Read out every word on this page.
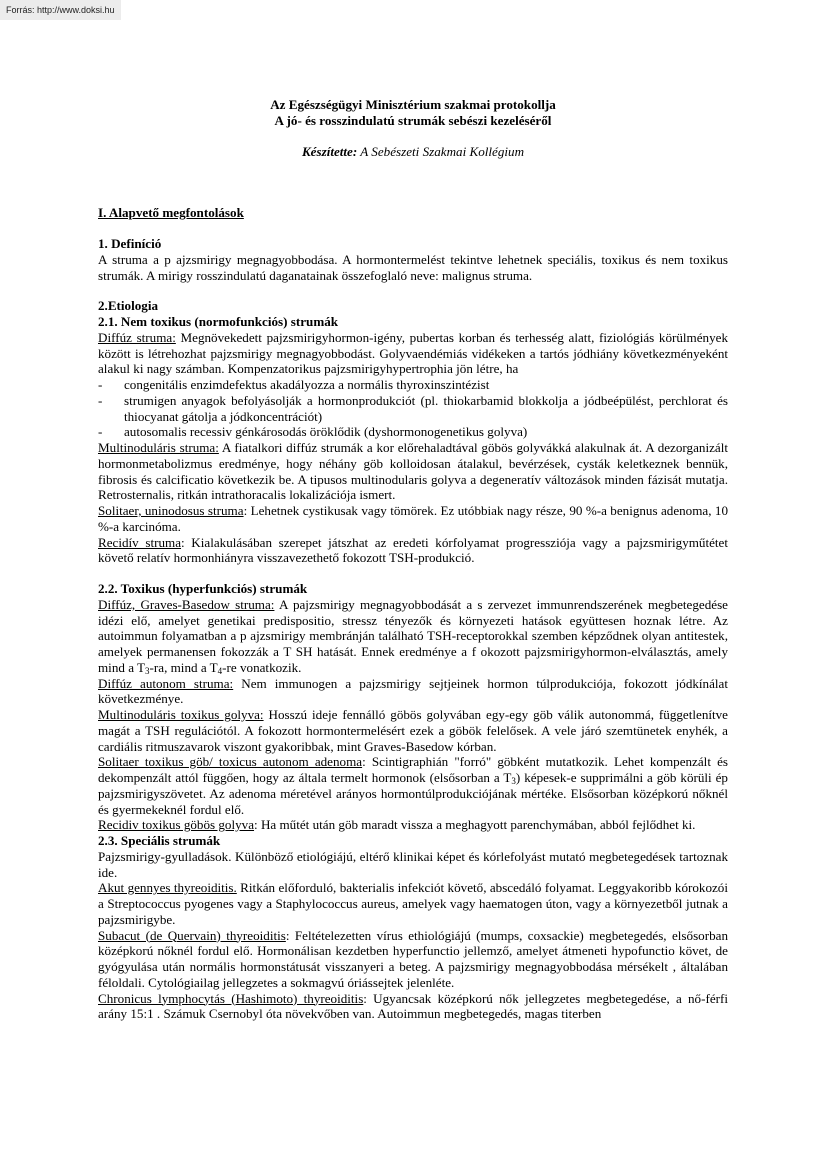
Forrás: http://www.doksi.hu
Az Egészségügyi Minisztérium szakmai protokollja
A jó- és rosszindulatú strumák sebészi kezeléséről
Készítette: A Sebészeti Szakmai Kollégium
I. Alapvető megfontolások
1. Definíció

A struma a p ajzsmirigy megnagyobbodása. A hormontermelést tekintve lehetnek speciális, toxikus és nem toxikus strumák. A mirigy rosszindulatú daganatainak összefoglaló neve: malignus struma.

2.Etiologia
2.1. Nem toxikus (normofunkciós) strumák

Diffúz struma: Megnövekedett pajzsmirigyhormon-igény, pubertas korban és terhesség alatt, fiziológiás körülmények között is létrehozhat pajzsmirigy megnagyobbodást. Golyvaendémiás vidékeken a tartós jódhiány következményeként alakul ki nagy számban. Kompenzatorikus pajzsmirigyhypertrophia jön létre, ha

- congenitális enzimdefektus akadályozza a normális thyroxinszintézist
- strumigen anyagok befolyásolják a hormonprodukciót (pl. thiokarbamid blokkolja a jódbeépülést, perchlorat és thiocyanat gátolja a jódkoncentrációt)
- autosomalis recessiv génkárosodás öröklődik (dyshormonogenetikus golyva)

Multinoduláris struma: A fiatalkori diffúz strumák a kor előrehaladtával göbös golyvákká alakulnak át. A dezorganizált hormonmetabolizmus eredménye, hogy néhány göb kolloidosan átalakul, bevérzések, cysták keletkeznek bennük, fibrosis és calcificatio következik be. A tipusos multinodularis golyva a degeneratív változások minden fázisát mutatja. Retrosternalis, ritkán intrathoracalis lokalizációja ismert.

Solitaer, uninodosus struma: Lehetnek cystikusak vagy tömörek. Ez utóbbiak nagy része, 90 %-a benignus adenoma, 10 %-a karcinóma.

Recidív struma: Kialakulásában szerepet játszhat az eredeti kórfolyamat progressziója vagy a pajzsmirigyműtétet követő relatív hormonhiányra visszavezethető fokozott TSH-produkció.

2.2. Toxikus (hyperfunkciós) strumák

Diffúz, Graves-Basedow struma: A pajzsmirigy megnagyobbodását a s zervezet immunrendszerének megbetegedése idézi elő, amelyet genetikai predispositio, stressz tényezők és környezeti hatások együttesen hoznak létre. Az autoimmun folyamatban a p ajzsmirigy membránján található TSH-receptorokkal szemben képződnek olyan antitestek, amelyek permanensen fokozzák a T SH hatását. Ennek eredménye a f okozott pajzsmirigyhormon-elválasztás, amely mind a $T_3-ra$, mind a $T_4-re$ vonatkozik.

Diffúz autonom struma: Nem immunogen a pajzsmirigy sejtjeinek hormon túlprodukciója, fokozott jódkínálat következménye.

Multinoduláris toxikus golyva: Hosszú ideje fennálló göbös golyvában egy-egy göb válik autonommá, függetlenítve magát a TSH regulációtól. A fokozott hormontermelésért ezek a göbök felelősek. A vele járó szemtünetek enyhék, a cardiális ritmuszavarok viszont gyakoribbak, mint Graves-Basedow kórban.

Solitaer toxikus göb/ toxicus autonom adenoma: Scintigraphián "forró" göbként mutatkozik. Lehet kompenzált és dekompenzált attól függően, hogy az általa termelt hormonok (elsősorban a $T_3$) képesek-e supprimálni a göb körüli ép pajzsmirigyszövetet. Az adenoma méretével arányos hormontúlprodukciójának mértéke. Elsősorban középkorú nőknél és gyermekeknél fordul elő.

Recidiv toxikus göbös golyva: Ha műtét után göb maradt vissza a meghagyott parenchymában, abból fejlődhet ki.

2.3. Speciális strumák

Pajzsmirigy-gyulladások. Különböző etiológiájú, eltérő klinikai képet és kórlefolyást mutató megbetegedések tartoznak ide.

Akut gennyes thyreoiditis. Ritkán előforduló, bakterialis infekciót követő, abscedáló folyamat. Leggyakoribb kórokozói a Streptococcus pyogenes vagy a Staphylococcus aureus, amelyek vagy haematogen úton, vagy a környezetből jutnak a pajzsmirigybe.

Subacut (de Quervain) thyreoiditis: Feltételezetten vírus ethiológiájú (mumps, coxsackie) megbetegedés, elsősorban középkorú nőknél fordul elő. Hormonálisan kezdetben hyperfunctio jellemző, amelyet átmeneti hypofunctio követ, de gyógyulása után normális hormonstátusát visszanyeri a beteg. A pajzsmirigy megnagyobbodása mérsékelt , általában féloldali. Cytológiailag jellegzetes a sokmagvú óriássejtek jelenléte.

Chronicus lymphocytás (Hashimoto) thyreoiditis: Ugyancsak középkorú nők jellegzetes megbetegedése, a nő-férfi arány 15:1 . Számuk Csernobyl óta növekvőben van. Autoimmun megbetegedés, magas titerben
